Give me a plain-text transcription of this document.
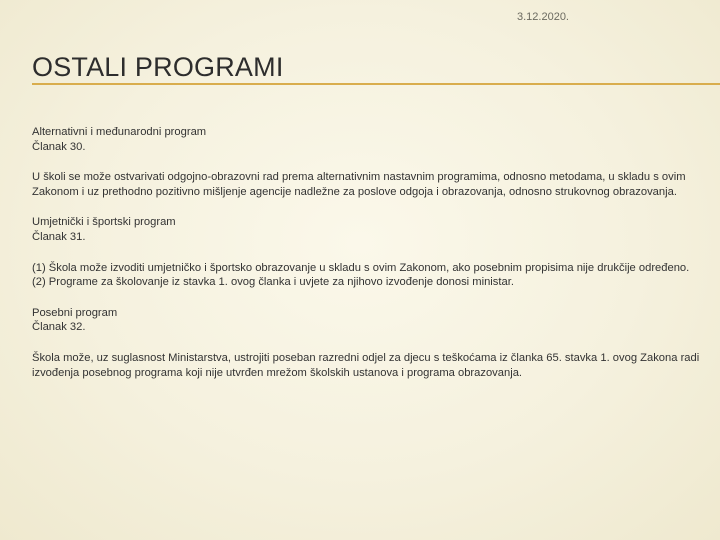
3.12.2020.
OSTALI PROGRAMI

Alternativni i međunarodni program

Članak 30.

U školi se može ostvarivati odgojno-obrazovni rad prema alternativnim nastavnim programima, odnosno metodama, u skladu s ovim Zakonom i uz prethodno pozitivno mišljenje agencije nadležne za poslove odgoja i obrazovanja, odnosno strukovnog obrazovanja.

Umjetnički i športski program

Članak 31.

(1) Škola može izvoditi umjetničko i športsko obrazovanje u skladu s ovim Zakonom, ako posebnim propisima nije drukčije određeno.

(2) Programe za školovanje iz stavka 1. ovog članka i uvjete za njihovo izvođenje donosi ministar.

Posebni program

Članak 32.

Škola može, uz suglasnost Ministarstva, ustrojiti poseban razredni odjel za djecu s teškoćama iz članka 65. stavka 1. ovog Zakona radi izvođenja posebnog programa koji nije utvrđen mrežom školskih ustanova i programa obrazovanja.
